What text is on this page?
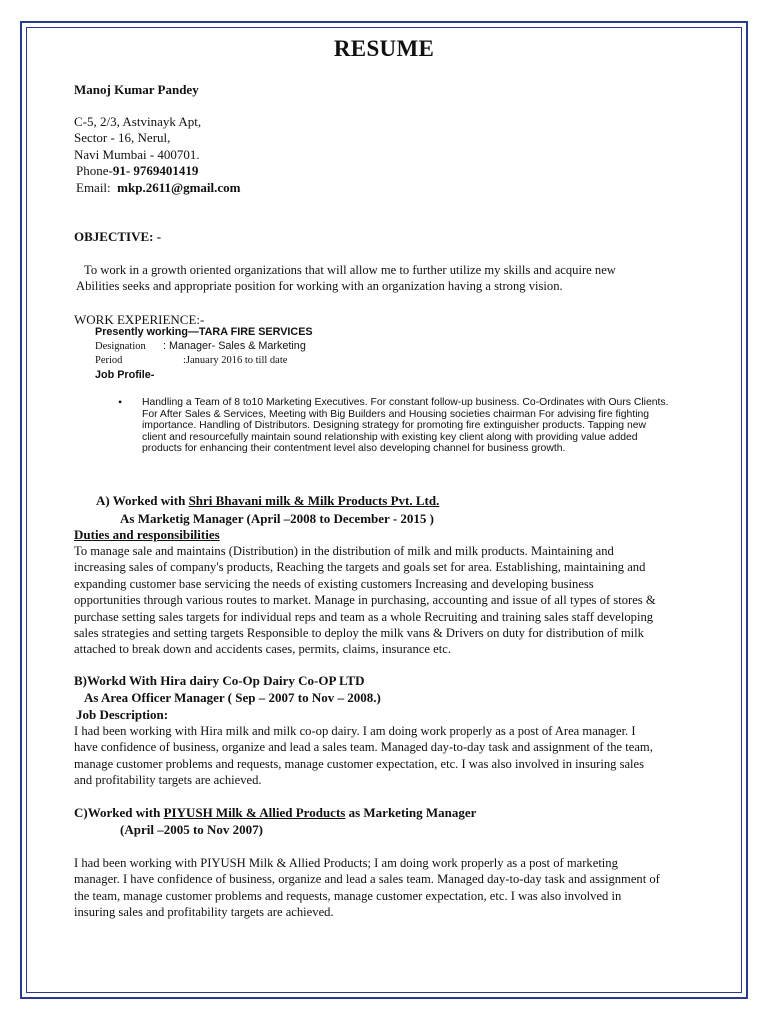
RESUME
Manoj Kumar Pandey
C-5, 2/3, Astvinayk Apt,
Sector - 16, Nerul,
Navi Mumbai - 400701.
Phone-91- 9769401419
Email: mkp.2611@gmail.com
OBJECTIVE: -
To work in a growth oriented organizations that will allow me to further utilize my skills and acquire new
Abilities seeks and appropriate position for working with an organization having a strong vision.
WORK EXPERIENCE:-
Presently working—TARA FIRE SERVICES
Designation : Manager- Sales & Marketing
Period	:January 2016 to till date
Job Profile-
• Handling a Team of 8 to10 Marketing Executives. For constant follow-up business. Co-Ordinates with Ours Clients.
For After Sales & Services, Meeting with Big Builders and Housing societies chairman For advising fire fighting
importance. Handling of Distributors. Designing strategy for promoting fire extinguisher products. Tapping new
client and resourcefully maintain sound relationship with existing key client along with providing value added
products for enhancing their contentment level also developing channel for business growth.
A) Worked with Shri Bhavani milk & Milk Products Pvt. Ltd.
As Marketig Manager (April –2008 to December - 2015 )
Duties and responsibilities
To manage sale and maintains (Distribution) in the distribution of milk and milk products. Maintaining and
increasing sales of company's products, Reaching the targets and goals set for area. Establishing, maintaining and
expanding customer base servicing the needs of existing customers Increasing and developing business
opportunities through various routes to market. Manage in purchasing, accounting and issue of all types of stores &
purchase setting sales targets for individual reps and team as a whole Recruiting and training sales staff developing
sales strategies and setting targets Responsible to deploy the milk vans & Drivers on duty for distribution of milk
attached to break down and accidents cases, permits, claims, insurance etc.
B)Workd With Hira dairy Co-Op Dairy Co-OP LTD
As Area Officer Manager ( Sep – 2007 to Nov – 2008.)
Job Description:
I had been working with Hira milk and milk co-op dairy. I am doing work properly as a post of Area manager. I
have confidence of business, organize and lead a sales team. Managed day-to-day task and assignment of the team,
manage customer problems and requests, manage customer expectation, etc. I was also involved in insuring sales
and profitability targets are achieved.
C)Worked with PIYUSH Milk & Allied Products as Marketing Manager
(April –2005 to Nov 2007)
I had been working with PIYUSH Milk & Allied Products; I am doing work properly as a post of marketing
manager. I have confidence of business, organize and lead a sales team. Managed day-to-day task and assignment of
the team, manage customer problems and requests, manage customer expectation, etc. I was also involved in
insuring sales and profitability targets are achieved.
